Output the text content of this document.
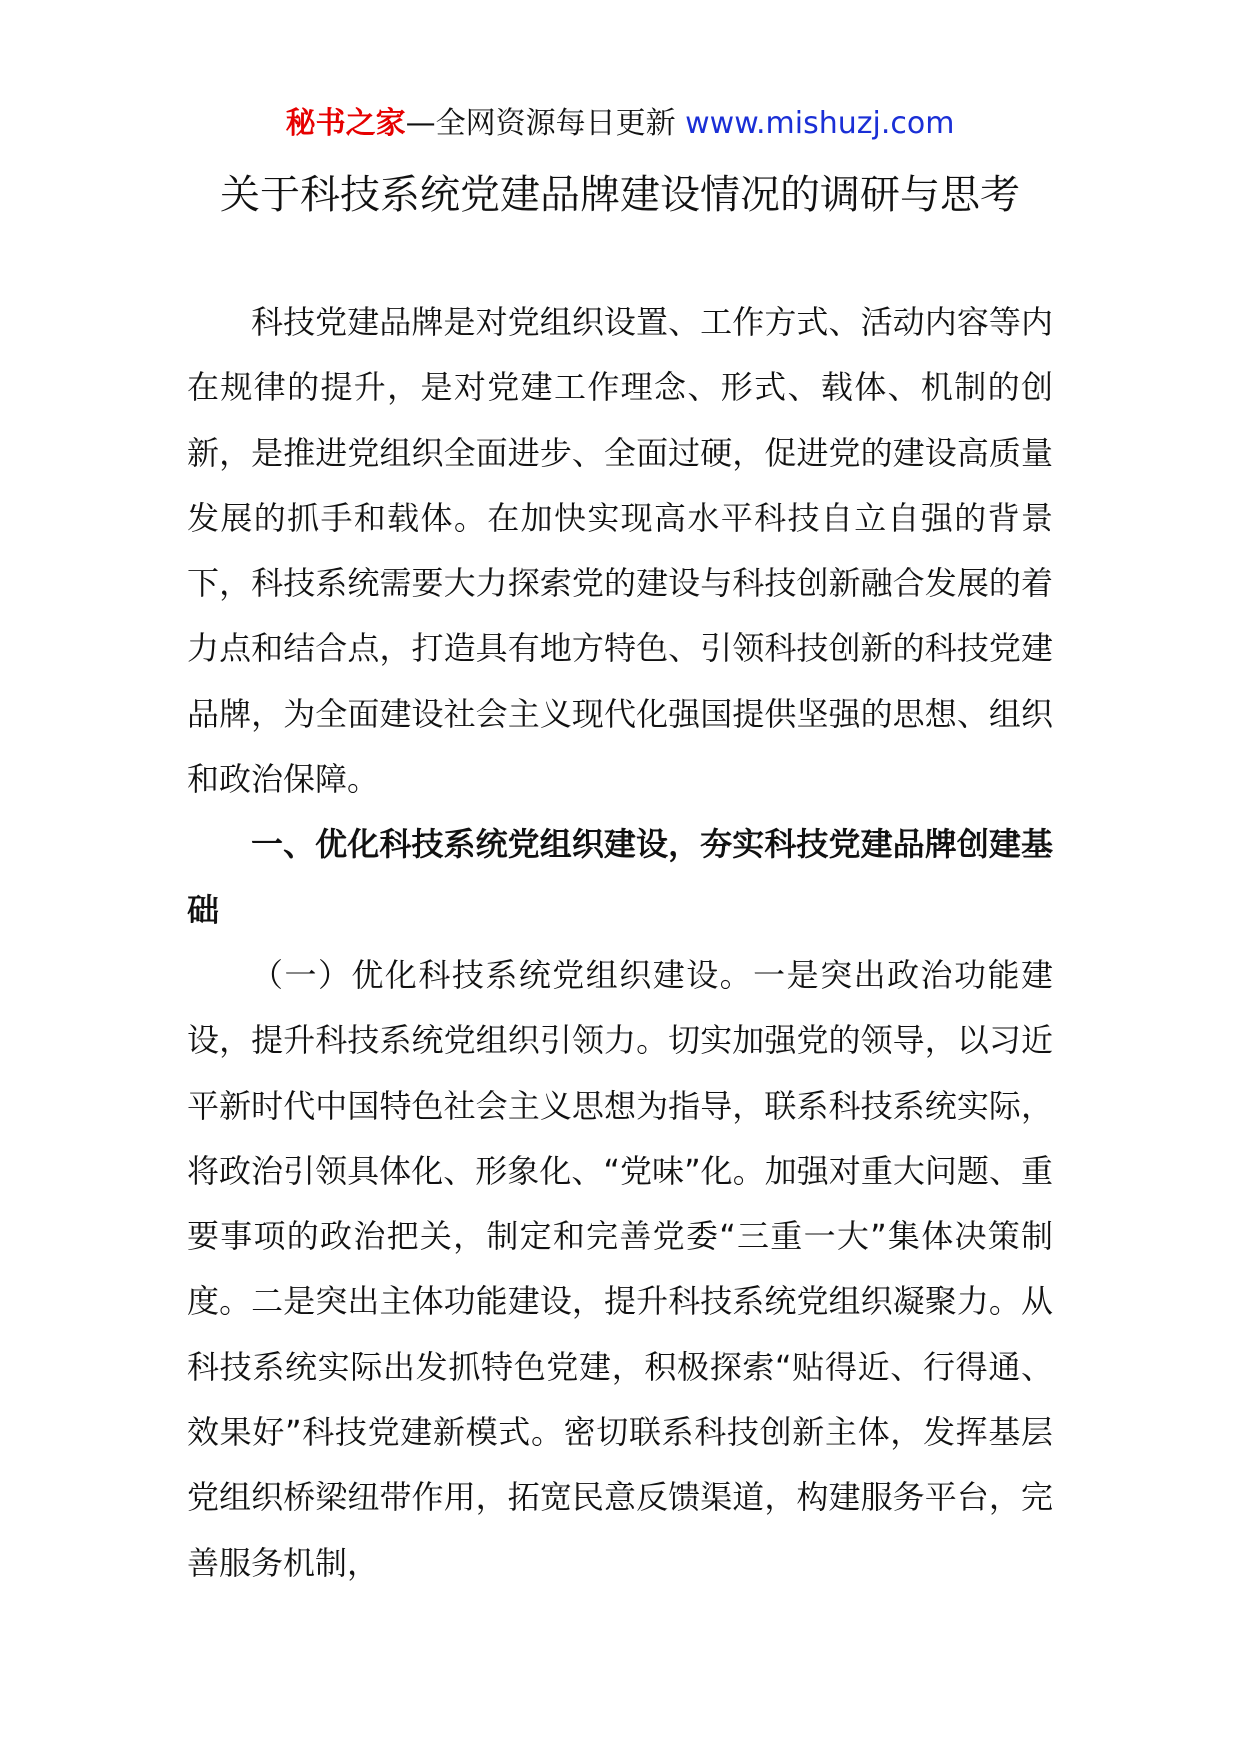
秘书之家—全网资源每日更新 www.mishuzj.com
关于科技系统党建品牌建设情况的调研与思考

科技党建品牌是对党组织设置、工作方式、活动内容等内在规律的提升，是对党建工作理念、形式、载体、机制的创新，是推进党组织全面进步、全面过硬，促进党的建设高质量发展的抓手和载体。在加快实现高水平科技自立自强的背景下，科技系统需要大力探索党的建设与科技创新融合发展的着力点和结合点，打造具有地方特色、引领科技创新的科技党建品牌，为全面建设社会主义现代化强国提供坚强的思想、组织和政治保障。

一、优化科技系统党组织建设，夯实科技党建品牌创建基础

（一）优化科技系统党组织建设。一是突出政治功能建设，提升科技系统党组织引领力。切实加强党的领导，以习近平新时代中国特色社会主义思想为指导，联系科技系统实际，将政治引领具体化、形象化、“党味”化。加强对重大问题、重要事项的政治把关，制定和完善党委“三重一大”集体决策制度。二是突出主体功能建设，提升科技系统党组织凝聚力。从科技系统实际出发抓特色党建，积极探索“贴得近、行得通、效果好”科技党建新模式。密切联系科技创新主体，发挥基层党组织桥梁纽带作用，拓宽民意反馈渠道，构建服务平台，完善服务机制，
